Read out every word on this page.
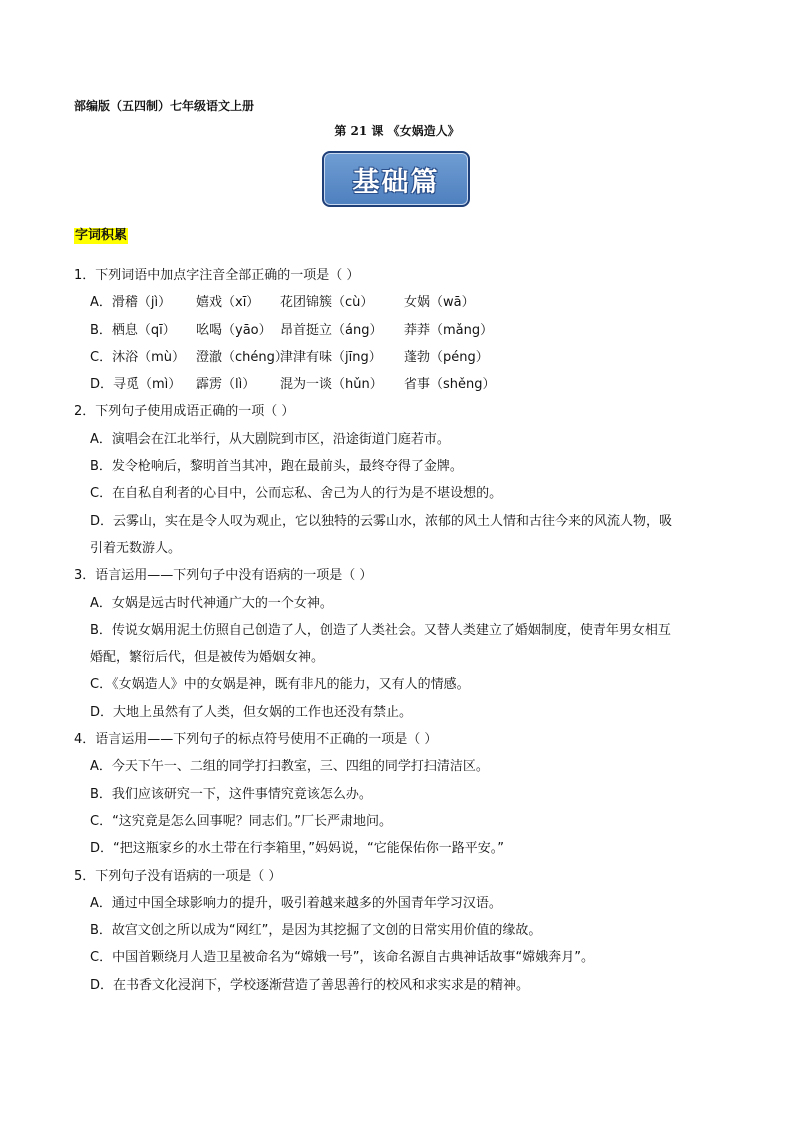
部编版（五四制）七年级语文上册
第 21 课 《女娲造人》
基础篇
字词积累
1．下列词语中加点字注音全部正确的一项是（ ）
A．滑稽（jì） 嬉戏（xī） 花团锦簇（cù） 女娲（wā）
B．栖息（qī） 吆喝（yāo） 昂首挺立（áng） 莽莽（mǎng）
C．沐浴（mù） 澄澈（chéng）津津有味（jīng） 蓬勃（péng）
D．寻觅（mì） 霹雳（lì） 混为一谈（hǔn） 省事（shěng）
2．下列句子使用成语正确的一项（ ）
A．演唱会在江北举行，从大剧院到市区，沿途街道门庭若市。
B．发令枪响后，黎明首当其冲，跑在最前头，最终夺得了金牌。
C．在自私自利者的心目中，公而忘私、舍己为人的行为是不堪设想的。
D．云雾山，实在是令人叹为观止，它以独特的云雾山水，浓郁的风土人情和古往今来的风流人物，吸
引着无数游人。
3．语言运用——下列句子中没有语病的一项是（ ）
A．女娲是远古时代神通广大的一个女神。
B．传说女娲用泥土仿照自己创造了人，创造了人类社会。又替人类建立了婚姻制度，使青年男女相互
婚配，繁衍后代，但是被传为婚姻女神。
C．《女娲造人》中的女娲是神，既有非凡的能力，又有人的情感。
D．大地上虽然有了人类，但女娲的工作也还没有禁止。
4．语言运用——下列句子的标点符号使用不正确的一项是（ ）
A．今天下午一、二组的同学打扫教室，三、四组的同学打扫清洁区。
B．我们应该研究一下，这件事情究竟该怎么办。
C．“这究竟是怎么回事呢？同志们。”厂长严肃地问。
D．“把这瓶家乡的水土带在行李箱里，”妈妈说，“它能保佑你一路平安。”
5．下列句子没有语病的一项是（ ）
A．通过中国全球影响力的提升，吸引着越来越多的外国青年学习汉语。
B．故宫文创之所以成为“网红”，是因为其挖掘了文创的日常实用价值的缘故。
C．中国首颗绕月人造卫星被命名为“嫦娥一号”，该命名源自古典神话故事“嫦娥奔月”。
D．在书香文化浸润下，学校逐渐营造了善思善行的校风和求实求是的精神。
